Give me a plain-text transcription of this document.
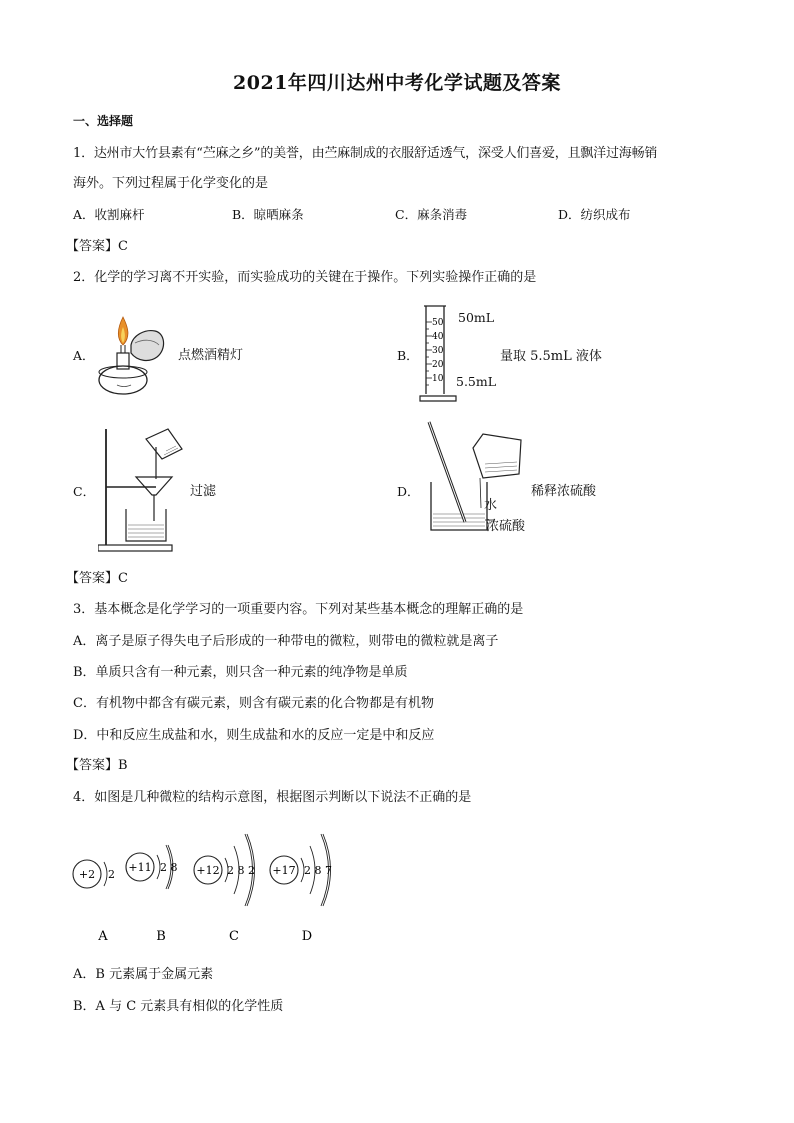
2021年四川达州中考化学试题及答案
一、选择题
1．达州市大竹县素有“苎麻之乡”的美誉，由苎麻制成的衣服舒适透气，深受人们喜爱，且飘洋过海畅销
海外。下列过程属于化学变化的是
A．收割麻杆	B．晾晒麻条	C．麻条消毒	D．纺织成布
【答案】C
2．化学的学习离不开实验，而实验成功的关键在于操作。下列实验操作正确的是
A．	点燃酒精灯	B．
50
40
30
20
10
50mL
5.5mL
量取 5.5mL 液体
C．	过滤	D．
水
浓硫酸
稀释浓硫酸
【答案】C
3．基本概念是化学学习的一项重要内容。下列对某些基本概念的理解正确的是
A．离子是原子得失电子后形成的一种带电的微粒，则带电的微粒就是离子
B．单质只含有一种元素，则只含一种元素的纯净物是单质
C．有机物中都含有碳元素，则含有碳元素的化合物都是有机物
D．中和反应生成盐和水，则生成盐和水的反应一定是中和反应
【答案】B
4．如图是几种微粒的结构示意图，根据图示判断以下说法不正确的是
+2 2
A
+11 2 8
B
+12 2 8 2
C
+17 2 8 7
D
A．B 元素属于金属元素
B．A 与 C 元素具有相似的化学性质
